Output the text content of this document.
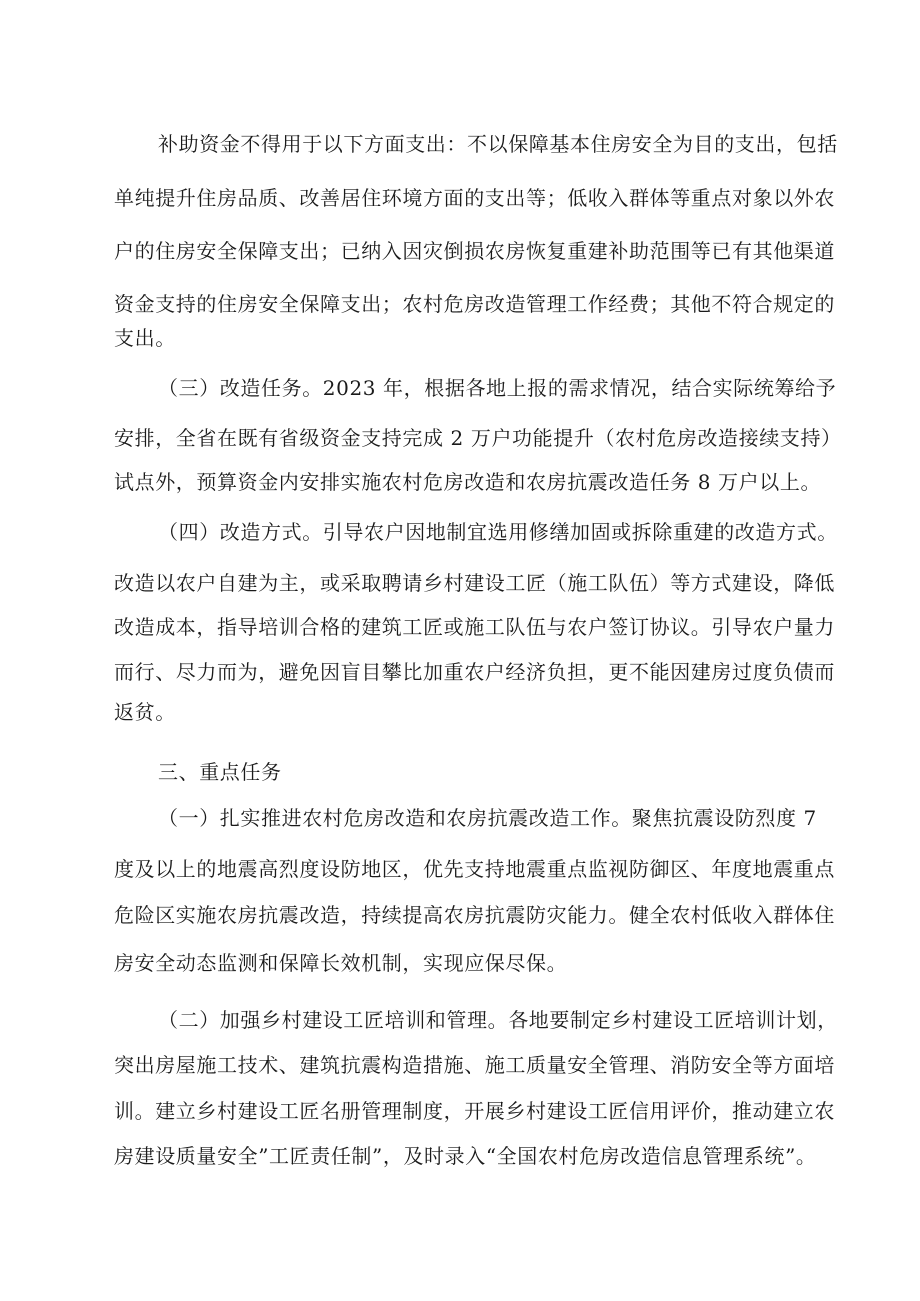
补助资金不得用于以下方面支出：不以保障基本住房安全为目的支出，包括
单纯提升住房品质、改善居住环境方面的支出等；低收入群体等重点对象以外农
户的住房安全保障支出；已纳入因灾倒损农房恢复重建补助范围等已有其他渠道
资金支持的住房安全保障支出；农村危房改造管理工作经费；其他不符合规定的
支出。
（三）改造任务。2023 年，根据各地上报的需求情况，结合实际统筹给予
安排，全省在既有省级资金支持完成 2 万户功能提升（农村危房改造接续支持）
试点外，预算资金内安排实施农村危房改造和农房抗震改造任务 8 万户以上。
（四）改造方式。引导农户因地制宜选用修缮加固或拆除重建的改造方式。
改造以农户自建为主，或采取聘请乡村建设工匠（施工队伍）等方式建设，降低
改造成本，指导培训合格的建筑工匠或施工队伍与农户签订协议。引导农户量力
而行、尽力而为，避免因盲目攀比加重农户经济负担，更不能因建房过度负债而
返贫。
三、重点任务
（一）扎实推进农村危房改造和农房抗震改造工作。聚焦抗震设防烈度 7
度及以上的地震高烈度设防地区，优先支持地震重点监视防御区、年度地震重点
危险区实施农房抗震改造，持续提高农房抗震防灾能力。健全农村低收入群体住
房安全动态监测和保障长效机制，实现应保尽保。
（二）加强乡村建设工匠培训和管理。各地要制定乡村建设工匠培训计划，
突出房屋施工技术、建筑抗震构造措施、施工质量安全管理、消防安全等方面培
训。建立乡村建设工匠名册管理制度，开展乡村建设工匠信用评价，推动建立农
房建设质量安全”工匠责任制”，及时录入“全国农村危房改造信息管理系统”。
